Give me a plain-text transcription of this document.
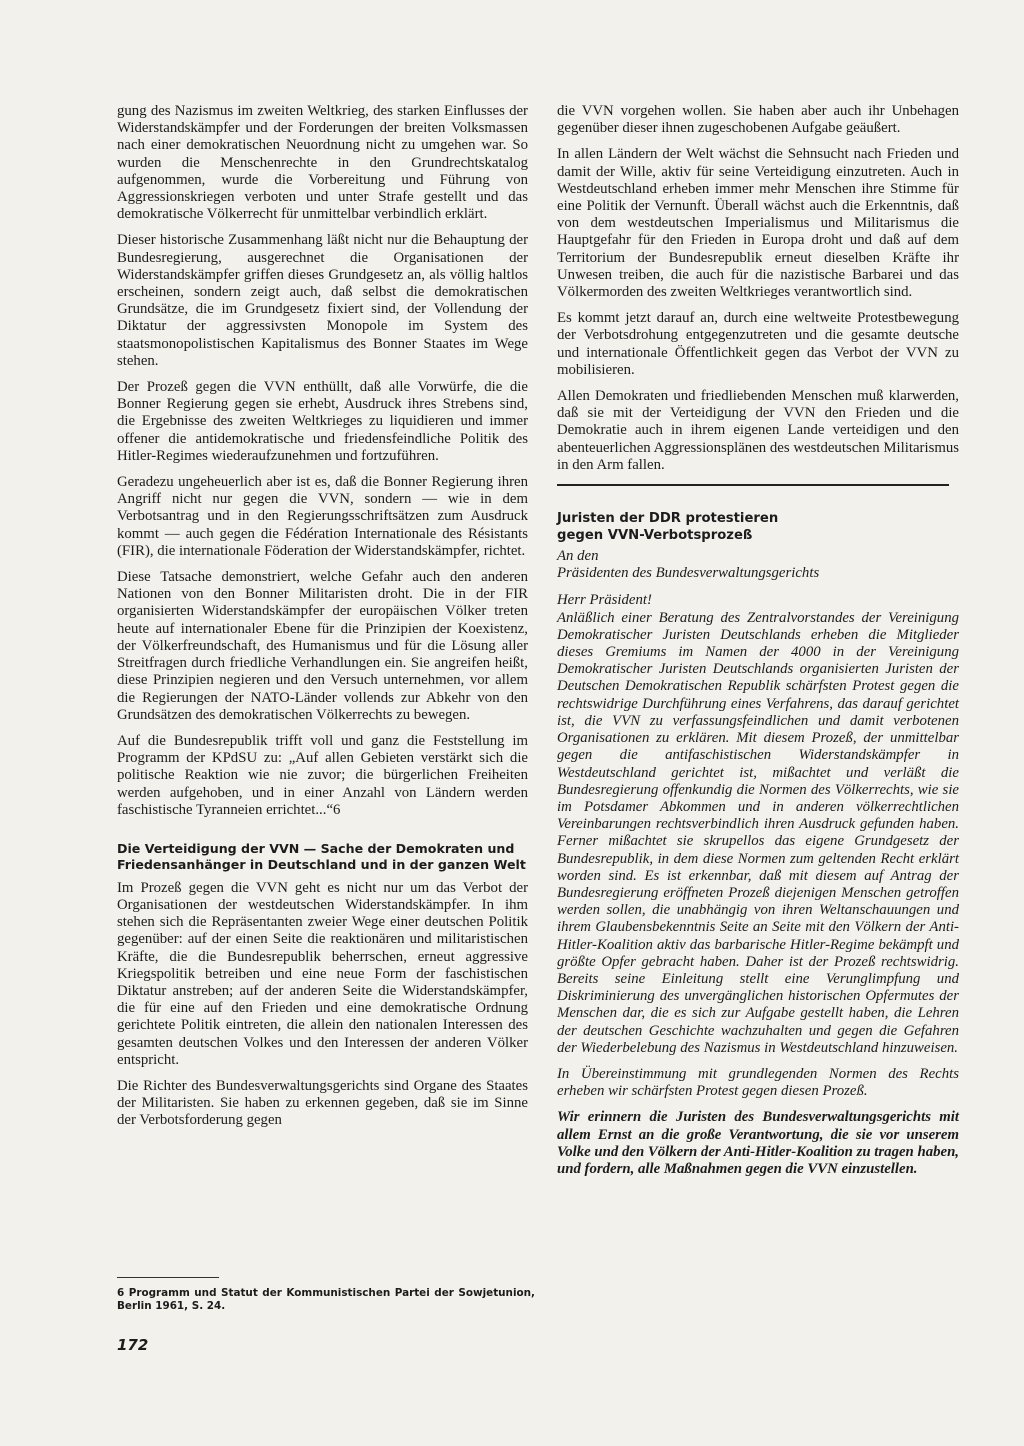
gung des Nazismus im zweiten Weltkrieg, des starken Einflusses der Widerstandskämpfer und der Forderungen der breiten Volksmassen nach einer demokratischen Neuordnung nicht zu umgehen war. So wurden die Menschenrechte in den Grundrechtskatalog aufgenommen, wurde die Vorbereitung und Führung von Aggressionskriegen verboten und unter Strafe gestellt und das demokratische Völkerrecht für unmittelbar verbindlich erklärt.

Dieser historische Zusammenhang läßt nicht nur die Behauptung der Bundesregierung, ausgerechnet die Organisationen der Widerstandskämpfer griffen dieses Grundgesetz an, als völlig haltlos erscheinen, sondern zeigt auch, daß selbst die demokratischen Grundsätze, die im Grundgesetz fixiert sind, der Vollendung der Diktatur der aggressivsten Monopole im System des staatsmonopolistischen Kapitalismus des Bonner Staates im Wege stehen.

Der Prozeß gegen die VVN enthüllt, daß alle Vorwürfe, die die Bonner Regierung gegen sie erhebt, Ausdruck ihres Strebens sind, die Ergebnisse des zweiten Weltkrieges zu liquidieren und immer offener die antidemokratische und friedensfeindliche Politik des Hitler-Regimes wiederaufzunehmen und fortzuführen.

Geradezu ungeheuerlich aber ist es, daß die Bonner Regierung ihren Angriff nicht nur gegen die VVN, sondern — wie in dem Verbotsantrag und in den Regierungsschriftsätzen zum Ausdruck kommt — auch gegen die Fédération Internationale des Résistants (FIR), die internationale Föderation der Widerstandskämpfer, richtet.

Diese Tatsache demonstriert, welche Gefahr auch den anderen Nationen von den Bonner Militaristen droht. Die in der FIR organisierten Widerstandskämpfer der europäischen Völker treten heute auf internationaler Ebene für die Prinzipien der Koexistenz, der Völkerfreundschaft, des Humanismus und für die Lösung aller Streitfragen durch friedliche Verhandlungen ein. Sie angreifen heißt, diese Prinzipien negieren und den Versuch unternehmen, vor allem die Regierungen der NATO-Länder vollends zur Abkehr von den Grundsätzen des demokratischen Völkerrechts zu bewegen.

Auf die Bundesrepublik trifft voll und ganz die Feststellung im Programm der KPdSU zu: „Auf allen Gebieten verstärkt sich die politische Reaktion wie nie zuvor; die bürgerlichen Freiheiten werden aufgehoben, und in einer Anzahl von Ländern werden faschistische Tyranneien errichtet...“6

Die Verteidigung der VVN — Sache der Demokraten und Friedensanhänger in Deutschland und in der ganzen Welt

Im Prozeß gegen die VVN geht es nicht nur um das Verbot der Organisationen der westdeutschen Widerstandskämpfer. In ihm stehen sich die Repräsentanten zweier Wege einer deutschen Politik gegenüber: auf der einen Seite die reaktionären und militaristischen Kräfte, die die Bundesrepublik beherrschen, erneut aggressive Kriegspolitik betreiben und eine neue Form der faschistischen Diktatur anstreben; auf der anderen Seite die Widerstandskämpfer, die für eine auf den Frieden und eine demokratische Ordnung gerichtete Politik eintreten, die allein den nationalen Interessen des gesamten deutschen Volkes und den Interessen der anderen Völker entspricht.

Die Richter des Bundesverwaltungsgerichts sind Organe des Staates der Militaristen. Sie haben zu erkennen gegeben, daß sie im Sinne der Verbotsforderung gegen

die VVN vorgehen wollen. Sie haben aber auch ihr Unbehagen gegenüber dieser ihnen zugeschobenen Aufgabe geäußert.

In allen Ländern der Welt wächst die Sehnsucht nach Frieden und damit der Wille, aktiv für seine Verteidigung einzutreten. Auch in Westdeutschland erheben immer mehr Menschen ihre Stimme für eine Politik der Vernunft. Überall wächst auch die Erkenntnis, daß von dem westdeutschen Imperialismus und Militarismus die Hauptgefahr für den Frieden in Europa droht und daß auf dem Territorium der Bundesrepublik erneut dieselben Kräfte ihr Unwesen treiben, die auch für die nazistische Barbarei und das Völkermorden des zweiten Weltkrieges verantwortlich sind.

Es kommt jetzt darauf an, durch eine weltweite Protestbewegung der Verbotsdrohung entgegenzutreten und die gesamte deutsche und internationale Öffentlichkeit gegen das Verbot der VVN zu mobilisieren.

Allen Demokraten und friedliebenden Menschen muß klarwerden, daß sie mit der Verteidigung der VVN den Frieden und die Demokratie auch in ihrem eigenen Lande verteidigen und den abenteuerlichen Aggressionsplänen des westdeutschen Militarismus in den Arm fallen.

Juristen der DDR protestieren
gegen VVN-Verbotsprozeß

An den

Präsidenten des Bundesverwaltungsgerichts

Herr Präsident!

Anläßlich einer Beratung des Zentralvorstandes der Vereinigung Demokratischer Juristen Deutschlands erheben die Mitglieder dieses Gremiums im Namen der 4000 in der Vereinigung Demokratischer Juristen Deutschlands organisierten Juristen der Deutschen Demokratischen Republik schärfsten Protest gegen die rechtswidrige Durchführung eines Verfahrens, das darauf gerichtet ist, die VVN zu verfassungsfeindlichen und damit verbotenen Organisationen zu erklären. Mit diesem Prozeß, der unmittelbar gegen die antifaschistischen Widerstandskämpfer in Westdeutschland gerichtet ist, mißachtet und verläßt die Bundesregierung offenkundig die Normen des Völkerrechts, wie sie im Potsdamer Abkommen und in anderen völkerrechtlichen Vereinbarungen rechtsverbindlich ihren Ausdruck gefunden haben. Ferner mißachtet sie skrupellos das eigene Grundgesetz der Bundesrepublik, in dem diese Normen zum geltenden Recht erklärt worden sind. Es ist erkennbar, daß mit diesem auf Antrag der Bundesregierung eröffneten Prozeß diejenigen Menschen getroffen werden sollen, die unabhängig von ihren Weltanschauungen und ihrem Glaubensbekenntnis Seite an Seite mit den Völkern der Anti-Hitler-Koalition aktiv das barbarische Hitler-Regime bekämpft und größte Opfer gebracht haben. Daher ist der Prozeß rechtswidrig. Bereits seine Einleitung stellt eine Verunglimpfung und Diskriminierung des unvergänglichen historischen Opfermutes der Menschen dar, die es sich zur Aufgabe gestellt haben, die Lehren der deutschen Geschichte wachzuhalten und gegen die Gefahren der Wiederbelebung des Nazismus in Westdeutschland hinzuweisen.

In Übereinstimmung mit grundlegenden Normen des Rechts erheben wir schärfsten Protest gegen diesen Prozeß.

Wir erinnern die Juristen des Bundesverwaltungsgerichts mit allem Ernst an die große Verantwortung, die sie vor unserem Volke und den Völkern der Anti-Hitler-Koalition zu tragen haben, und fordern, alle Maßnahmen gegen die VVN einzustellen.

6 Programm und Statut der Kommunistischen Partei der Sowjetunion, Berlin 1961, S. 24.
172
